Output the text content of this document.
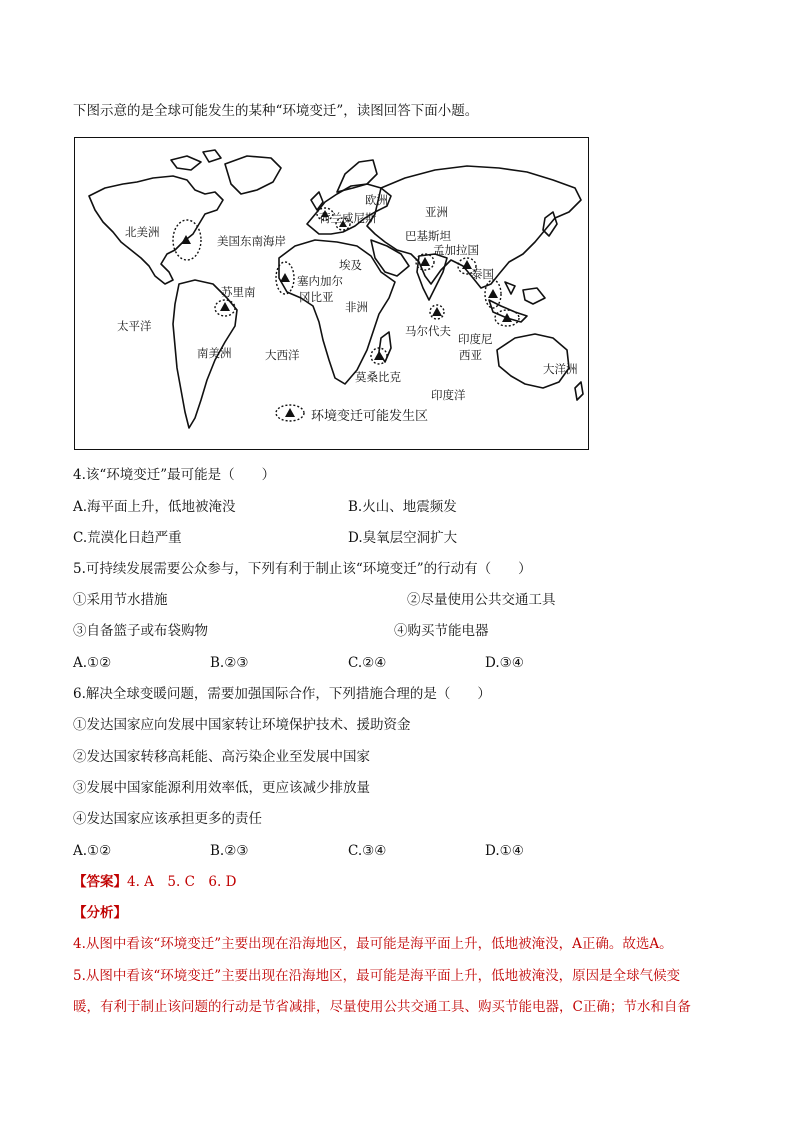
下图示意的是全球可能发生的某种“环境变迁”，读图回答下面小题。
北美洲
美国东南海岸
欧洲
荷兰威尼斯	亚洲
巴基斯坦
孟加拉国
埃及
塞内加尔
冈比亚
泰国
苏里南
非洲
太平洋	马尔代夫
印度尼
西亚
南美洲	大西洋
大洋洲
莫桑比克
印度洋
环境变迁可能发生区
4.该“环境变迁”最可能是（　　）
A.海平面上升，低地被淹没	B.火山、地震频发
C.荒漠化日趋严重	D.臭氧层空洞扩大
5.可持续发展需要公众参与，下列有利于制止该“环境变迁”的行动有（　　）
①采用节水措施	②尽量使用公共交通工具
③自备篮子或布袋购物	④购买节能电器
A.①②	B.②③	C.②④	D.③④
6.解决全球变暖问题，需要加强国际合作，下列措施合理的是（　　）
①发达国家应向发展中国家转让环境保护技术、援助资金
②发达国家转移高耗能、高污染企业至发展中国家
③发展中国家能源利用效率低，更应该减少排放量
④发达国家应该承担更多的责任
A.①②	B.②③	C.③④	D.①④
【答案】4. A　5. C　6. D
【分析】
4.从图中看该“环境变迁”主要出现在沿海地区，最可能是海平面上升，低地被淹没，A正确。故选A。
5.从图中看该“环境变迁”主要出现在沿海地区，最可能是海平面上升，低地被淹没，原因是全球气候变
暖，有利于制止该问题的行动是节省减排，尽量使用公共交通工具、购买节能电器，C正确；节水和自备
